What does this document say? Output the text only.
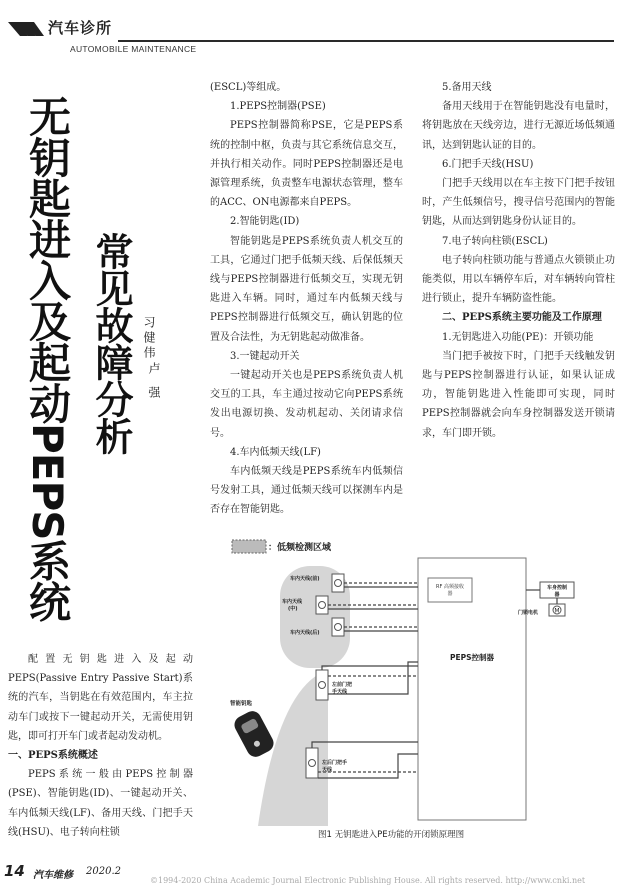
汽车诊所
AUTOMOBILE MAINTENANCE
无钥匙进入及起动PEPS系统 常见故障分析 习健伟
卢 强

配置无钥匙进入及起动PEPS(Passive Entry Passive Start)系统的汽车，当钥匙在有效范围内，车主拉动车门或按下一键起动开关，无需使用钥匙，即可打开车门或者起动发动机。

一、PEPS系统概述

PEPS系统一般由PEPS控制器(PSE)、智能钥匙(ID)、一键起动开关、车内低频天线(LF)、备用天线、门把手天线(HSU)、电子转向柱锁

(ESCL)等组成。

1.PEPS控制器(PSE)

PEPS控制器简称PSE，它是PEPS系统的控制中枢，负责与其它系统信息交互，并执行相关动作。同时PEPS控制器还是电源管理系统，负责整车电源状态管理，整车的ACC、ON电源都来自PEPS。

2.智能钥匙(ID)

智能钥匙是PEPS系统负责人机交互的工具，它通过门把手低频天线、后保低频天线与PEPS控制器进行低频交互，实现无钥匙进入车辆。同时，通过车内低频天线与PEPS控制器进行低频交互，确认钥匙的位置及合法性，为无钥匙起动做准备。

3.一键起动开关

一键起动开关也是PEPS系统负责人机交互的工具，车主通过按动它向PEPS系统发出电源切换、发动机起动、关闭请求信号。

4.车内低频天线(LF)

车内低频天线是PEPS系统车内低频信号发射工具，通过低频天线可以探测车内是否存在智能钥匙。

5.备用天线

备用天线用于在智能钥匙没有电量时，将钥匙放在天线旁边，进行无源近场低频通讯，达到钥匙认证的目的。

6.门把手天线(HSU)

门把手天线用以在车主按下门把手按钮时，产生低频信号，搜寻信号范围内的智能钥匙，从而达到钥匙身份认证目的。

7.电子转向柱锁(ESCL)

电子转向柱锁功能与普通点火锁锁止功能类似，用以车辆停车后，对车辆转向管柱进行锁止，提升车辆防盗性能。

二、PEPS系统主要功能及工作原理
1.无钥匙进入功能(PE)：开锁功能

当门把手被按下时，门把手天线触发钥匙与PEPS控制器进行认证，如果认证成功，智能钥匙进入性能即可实现，同时PEPS控制器就会向车身控制器发送开锁请求，车门即开锁。

：低频检测区域
RF 高频接收器
PEPS控制器
车内天线(前)
车内天线(中)
车内天线(后)
左前门把手天线
左后门把手天线
智能钥匙
车身控制器
M
门锁电机
图1 无钥匙进入PE功能的开闭锁原理图
14 汽车维修 2020.2
©1994-2020 China Academic Journal Electronic Publishing House. All rights reserved. http://www.cnki.net
